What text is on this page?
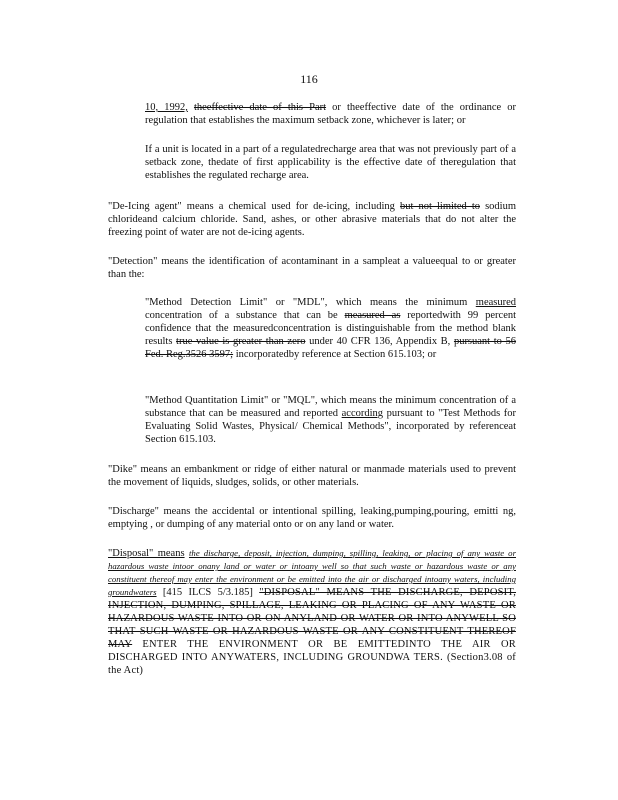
116
10, 1992, theeffective date of this Part or theeffective date of the ordinance or regulation that establishes the maximum setback zone, whichever is later; or
If a unit is located in a part of a regulatedrecharge area that was not previously part of a setback zone, thedate of first applicability is the effective date of theregulation that establishes the regulated recharge area.
"De-Icing agent" means a chemical used for de-icing, including but not limited to sodium chlorideand calcium chloride. Sand, ashes, or other abrasive materials that do not alter the freezing point of water are not de-icing agents.
"Detection" means the identification of acontaminant in a sampleat a valueequal to or greater than the:
"Method Detection Limit" or "MDL", which means the minimum measured concentration of a substance that can be measured as reportedwith 99 percent confidence that the measuredconcentration is distinguishable from the method blank results true value is greater than zero under 40 CFR 136, Appendix B, pursuant to 56 Fed. Reg.3526 3597; incorporatedby reference at Section 615.103; or
"Method Quantitation Limit" or "MQL", which means the minimum concentration of a substance that can be measured and reported according pursuant to "Test Methods for Evaluating Solid Wastes, Physical/ Chemical Methods", incorporated by referenceat Section 615.103.
"Dike" means an embankment or ridge of either natural or manmade materials used to prevent the movement of liquids, sludges, solids, or other materials.
"Discharge" means the accidental or intentional spilling, leaking,pumping,pouring, emitti ng, emptying , or dumping of any material onto or on any land or water.
"Disposal" means the discharge, deposit, injection, dumping, spilling, leaking, or placing of any waste or hazardous waste intoor onany land or water or intoany well so that such waste or hazardous waste or any constituent thereof may enter the environment or be emitted into the air or discharged intoany waters, including groundwaters [415 ILCS 5/3.185] "DISPOSAL" MEANS THE DISCHARGE, DEPOSIT, INJECTION, DUMPING, SPILLAGE, LEAKING OR PLACING OF ANY WASTE OR HAZARDOUS WASTE INTO OR ON ANYLAND OR WATER OR INTO ANYWELL SO THAT SUCH WASTE OR HAZARDOUS WASTE OR ANY CONSTITUENT THEREOF MAY ENTER THE ENVIRONMENT OR BE EMITTEDINTO THE AIR OR DISCHARGED INTO ANYWATERS, INCLUDING GROUNDWA TERS. (Section3.08 of the Act)
